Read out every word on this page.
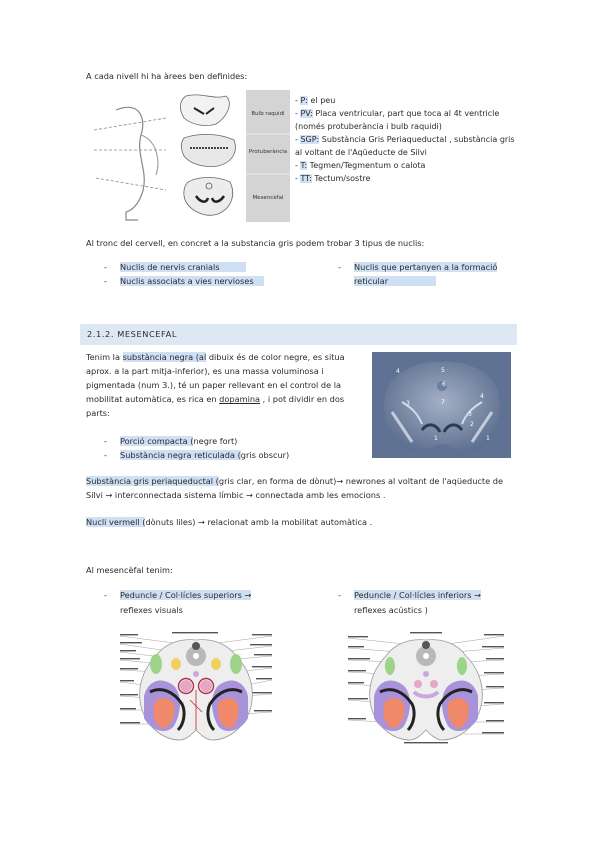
A cada nivell hi ha àrees ben definides:
Bulb raquidi
Protuberància
Mesencèfal
- P: el peu
- PV: Placa ventricular, part que toca al 4t ventricle (només protuberància i bulb raquidi)
- SGP: Substància Gris Periaqueductal , substància gris al voltant de l'Aqüeducte de Silvi
- T: Tegmen/Tegmentum o calota
- TT: Tectum/sostre
Al tronc del cervell, en concret a la substancia gris podem trobar 3 tipus de nuclis:
- Nuclis de nervis cranials
- Nuclis associats a vies nervioses
- Nuclis que pertanyen a la formació
reticular
2.1.2. MESENCEFAL
Tenim la substància negra (al dibuix és de color negre, es situa aprox. a la part mitja-inferior), es una massa voluminosa i pigmentada (num 3.), té un paper rellevant en el control de la mobilitat automàtica, es rica en dopamina , i pot dividir en dos parts:
- Porció compacta (negre fort)
- Substància negra reticulada (gris obscur)
4	5
6
4
3	7
3
1
2
1
Substància gris periaqueductal (gris clar, en forma de dònut)→ newrones al voltant de l'aqüeducte de Silvi → interconnectada sistema límbic → connectada amb les emocions .
Nucli vermell (dònuts liles) → relacionat amb la mobilitat automàtica .
Al mesencèfal tenim:
- Peduncle / Col·lícles superiors →
reflexes visuals
- Peduncle / Col·lícles inferiors →
reflexes acústics )
